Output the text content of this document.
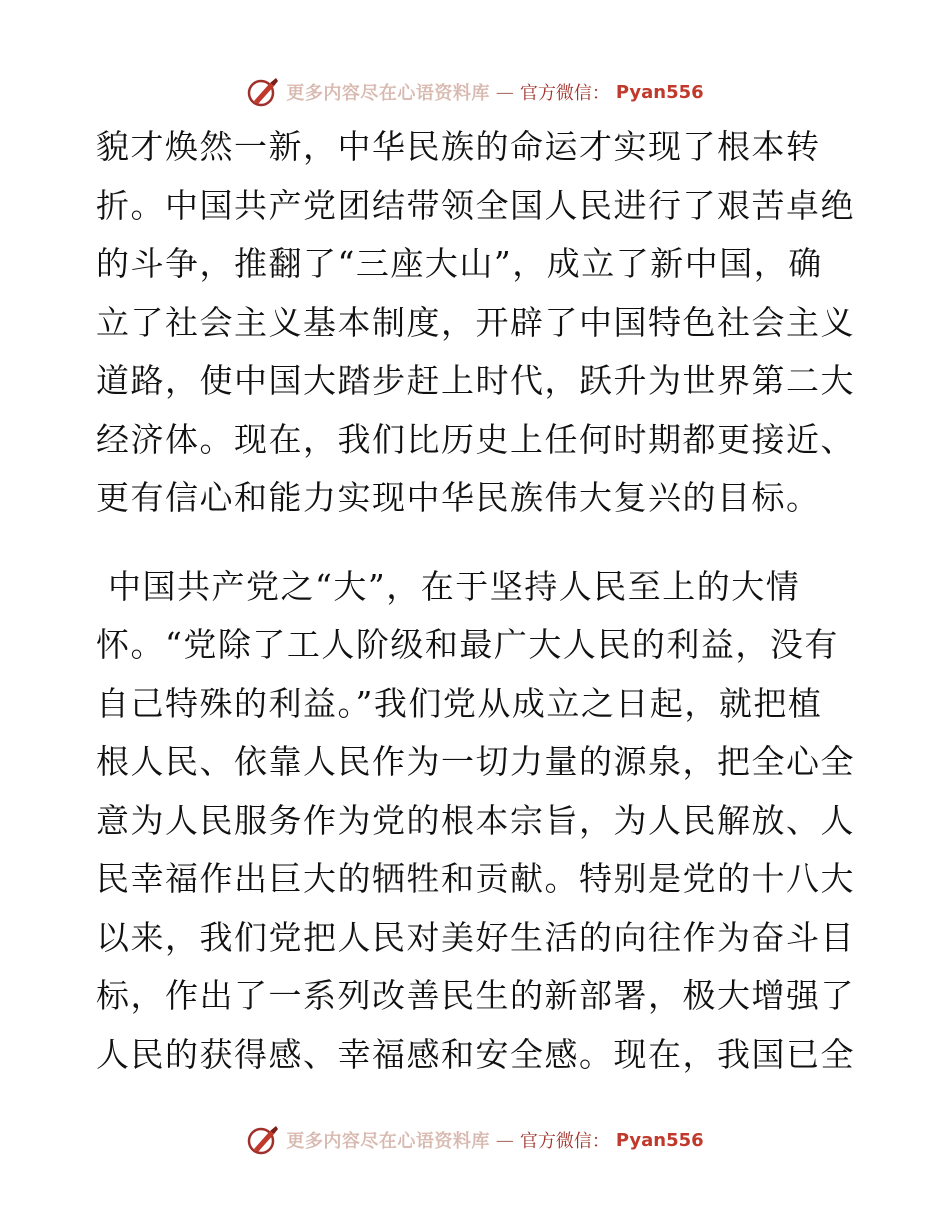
更多内容尽在心语资料库 — 官方微信： Pyan556
貌才焕然一新，中华民族的命运才实现了根本转
折。中国共产党团结带领全国人民进行了艰苦卓绝
的斗争，推翻了“三座大山”，成立了新中国，确
立了社会主义基本制度，开辟了中国特色社会主义
道路，使中国大踏步赶上时代，跃升为世界第二大
经济体。现在，我们比历史上任何时期都更接近、
更有信心和能力实现中华民族伟大复兴的目标。
中国共产党之“大”，在于坚持人民至上的大情
怀。“党除了工人阶级和最广大人民的利益，没有
自己特殊的利益。”我们党从成立之日起，就把植
根人民、依靠人民作为一切力量的源泉，把全心全
意为人民服务作为党的根本宗旨，为人民解放、人
民幸福作出巨大的牺牲和贡献。特别是党的十八大
以来，我们党把人民对美好生活的向往作为奋斗目
标，作出了一系列改善民生的新部署，极大增强了
人民的获得感、幸福感和安全感。现在，我国已全
更多内容尽在心语资料库 — 官方微信： Pyan556
